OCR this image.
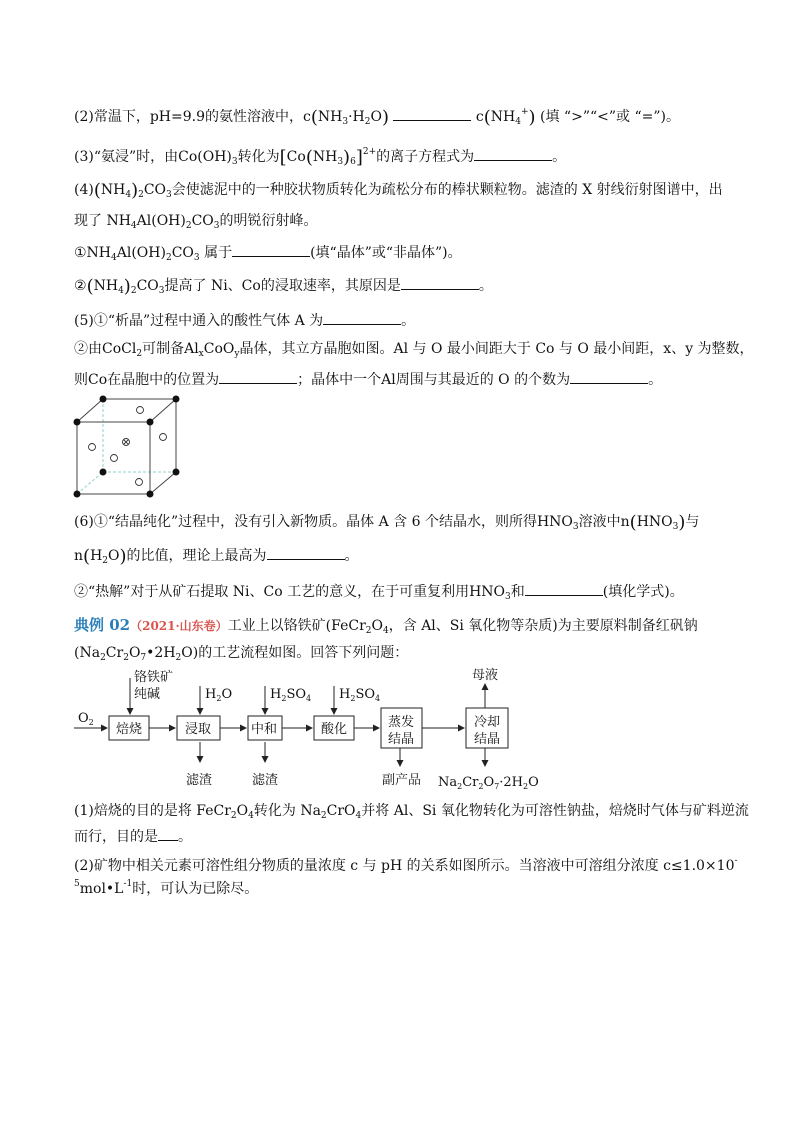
(2)常温下，pH=9.9的氨性溶液中，$c(NH_3\cdot H_2O)$	$c(NH_4^+)$ (填 “>”“<”或 “=”)。
(3)“氨浸”时，由$Co(OH)_3$转化为$[Co(NH_3)_6]^{2+}$的离子方程式为	。
$(4)(NH_4)_2CO_3$会使滤泥中的一种胶状物质转化为疏松分布的棒状颗粒物。滤渣的 X 射线衍射图谱中，出
现了 $NH_4Al(OH)_2CO_3$的明锐衍射峰。
$①NH_4Al(OH)_2CO_3$ 属于	(填“晶体”或“非晶体”)。
$②(NH_4)_2CO_3$提高了 Ni、Co的浸取速率，其原因是	。
(5)①“析晶”过程中通入的酸性气体 A 为	。
②由CoCl$_2$可制备$Al_xCoO_y$晶体，其立方晶胞如图。Al 与 O 最小间距大于 Co 与 O 最小间距，x、y 为整数，
则Co在晶胞中的位置为	；晶体中一个Al周围与其最近的 O 的个数为	。
(6)①“结晶纯化”过程中，没有引入新物质。晶体 A 含 6 个结晶水，则所得$HNO_3$溶液中$n(HNO_3)$与
$n(H_2O)$的比值，理论上最高为	。
②“热解”对于从矿石提取 Ni、Co 工艺的意义，在于可重复利用$HNO_3$和	(填化学式)。
典例 02（2021·山东卷）工业上以铬铁矿($FeCr_2O_4$，含 Al、Si 氧化物等杂质)为主要原料制备红矾钠
$(Na_2Cr_2O_7•2H_2O)$的工艺流程如图。回答下列问题：
$O_2$
铬铁矿
纯碱	$H_2O$	$H_2SO_4$ $H_2SO_4$
焙烧	浸取	中和	酸化	蒸发
结晶
冷却
结晶
滤渣	滤渣	副产品 $Na_2Cr_2O_7\cdot 2H_2O$
母液
(1)焙烧的目的是将 $FeCr_2O_4$转化为 $Na_2CrO_4$并将 Al、Si 氧化物转化为可溶性钠盐，焙烧时气体与矿料逆流
而行，目的是 。
(2)矿物中相关元素可溶性组分物质的量浓度 c 与 pH 的关系如图所示。当溶液中可溶组分浓度 c≤1.0×10-
$^5mol•L^{-1}$时，可认为已除尽。
